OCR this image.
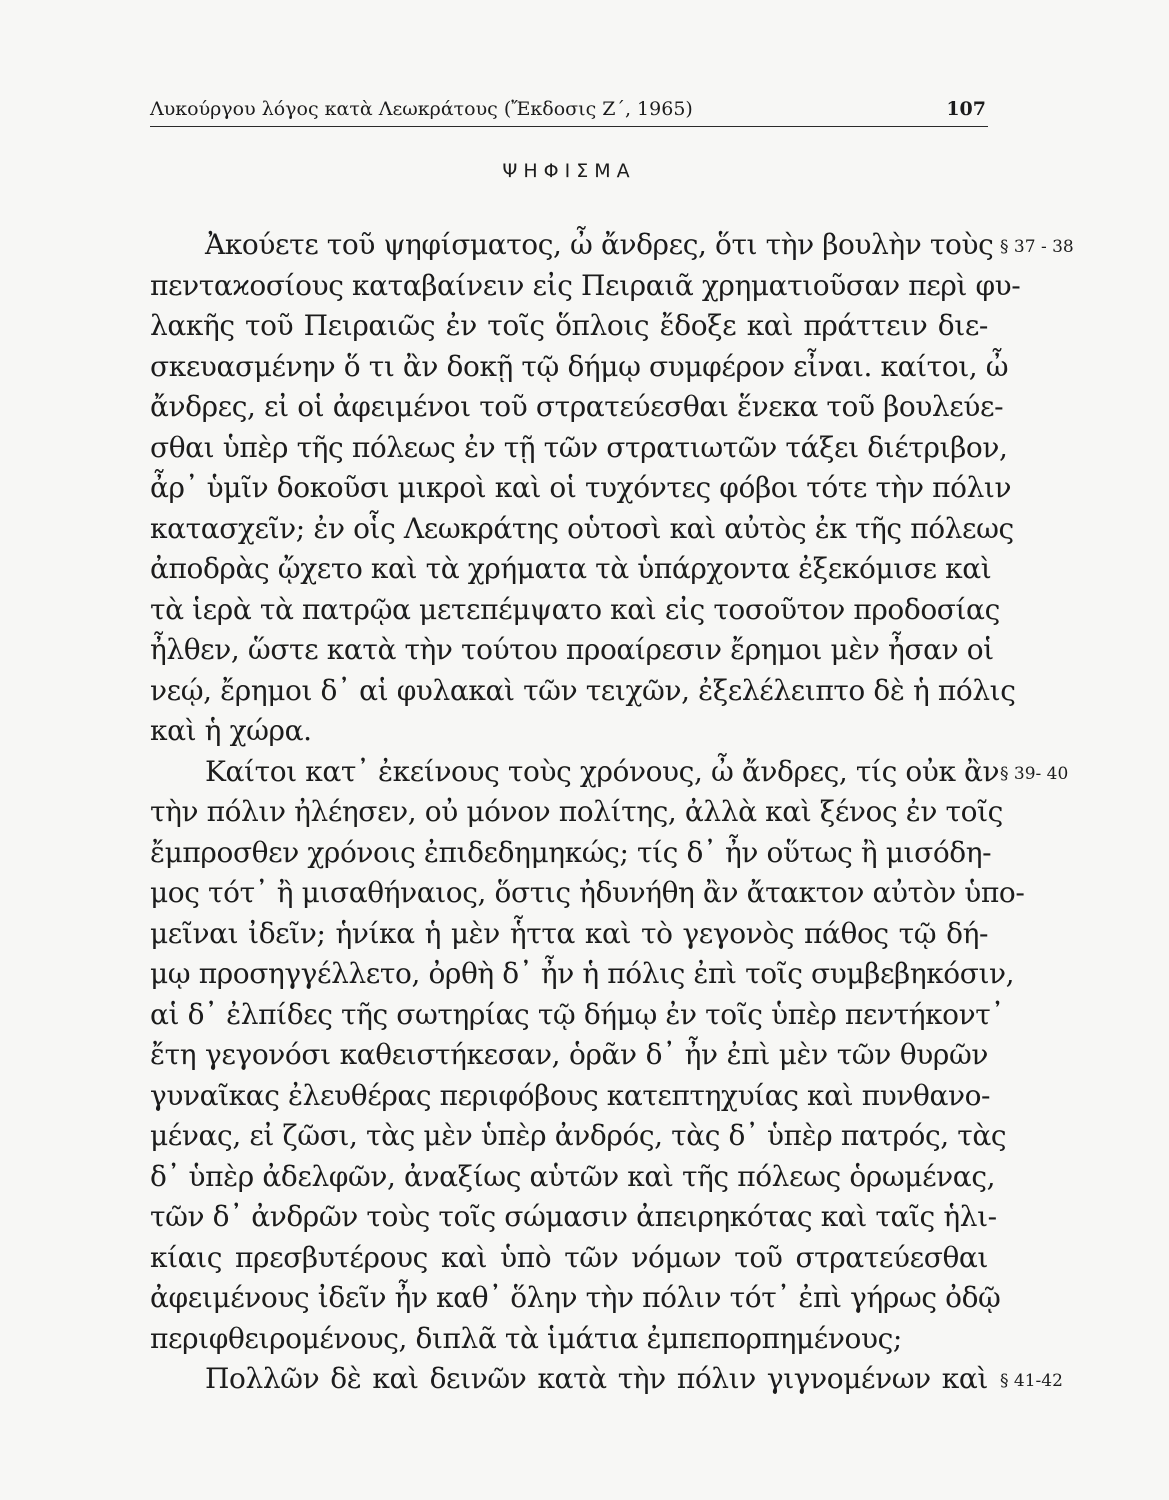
Λυκούργου λόγος κατὰ Λεωκράτους (Ἔκδοσις Ζ΄, 1965)	107
ΨΗΦΙΣΜΑ
Ἀκούετε τοῦ ψηφίσματος, ὦ ἄνδρες, ὅτι τὴν βουλὴν τοὺς § 37 - 38
πενταϰοσίους καταβαίνειν εἰς Πειραιᾶ χρηματιοῦσαν περὶ φυ-
λακῆς τοῦ Πειραιῶς ἐν τοῖς ὅπλοις ἔδοξε καὶ πράττειν διε-
σκευασμένην ὅ τι ἂν δοκῇ τῷ δήμῳ συμφέρον εἶναι. καίτοι, ὦ
ἄνδρες, εἰ οἱ ἀφειμένοι τοῦ στρατεύεσθαι ἕνεκα τοῦ βουλεύε-
σθαι ὑπὲρ τῆς πόλεως ἐν τῇ τῶν στρατιωτῶν τάξει διέτριβον,
ἆρ᾽ ὑμῖν δοκοῦσι μικροὶ καὶ οἱ τυχόντες φόβοι τότε τὴν πόλιν
κατασχεῖν; ἐν οἷς Λεωκράτης οὑτοσὶ καὶ αὐτὸς ἐκ τῆς πόλεως
ἀποδρὰς ᾤχετο καὶ τὰ χρήματα τὰ ὑπάρχοντα ἐξεκόμισε καὶ
τὰ ἱερὰ τὰ πατρῷα μετεπέμψατο καὶ εἰς τοσοῦτον προδοσίας
ἦλθεν, ὥστε κατὰ τὴν τούτου προαίρεσιν ἔρημοι μὲν ἦσαν οἱ
νεῴ, ἔρημοι δ᾽ αἱ φυλακαὶ τῶν τειχῶν, ἐξελέλειπτο δὲ ἡ πόλις
καὶ ἡ χώρα.
Καίτοι κατ᾽ ἐκείνους τοὺς χρόνους, ὦ ἄνδρες, τίς οὐκ ἂν § 39- 40
τὴν πόλιν ἠλέησεν, οὐ μόνον πολίτης, ἀλλὰ καὶ ξένος ἐν τοῖς
ἔμπροσθεν χρόνοις ἐπιδεδημηκώς; τίς δ᾽ ἦν οὕτως ἢ μισόδη-
μος τότ᾽ ἢ μισαθήναιος, ὅστις ἠδυνήθη ἂν ἄτακτον αὐτὸν ὑπο-
μεῖναι ἰδεῖν; ἡνίκα ἡ μὲν ἧττα καὶ τὸ γεγονὸς πάθος τῷ δή-
μῳ προσηγγέλλετο, ὀρθὴ δ᾽ ἦν ἡ πόλις ἐπὶ τοῖς συμβεβηκόσιν,
αἱ δ᾽ ἐλπίδες τῆς σωτηρίας τῷ δήμῳ ἐν τοῖς ὑπὲρ πεντήκοντ᾽
ἔτη γεγονόσι καθειστήκεσαν, ὁρᾶν δ᾽ ἦν ἐπὶ μὲν τῶν θυρῶν
γυναῖκας ἐλευθέρας περιφόβους κατεπτηχυίας καὶ πυνθανο-
μένας, εἰ ζῶσι, τὰς μὲν ὑπὲρ ἀνδρός, τὰς δ᾽ ὑπὲρ πατρός, τὰς
δ᾽ ὑπὲρ ἀδελφῶν, ἀναξίως αὑτῶν καὶ τῆς πόλεως ὁρωμένας,
τῶν δ᾽ ἀνδρῶν τοὺς τοῖς σώμασιν ἀπειρηκότας καὶ ταῖς ἡλι-
κίαις πρεσβυτέρους καὶ ὑπὸ τῶν νόμων τοῦ στρατεύεσθαι
ἀφειμένους ἰδεῖν ἦν καθ᾽ ὅλην τὴν πόλιν τότ᾽ ἐπὶ γήρως ὀδῷ
περιφθειρομένους, διπλᾶ τὰ ἱμάτια ἐμπεπορπημένους;
Πολλῶν δὲ καὶ δεινῶν κατὰ τὴν πόλιν γιγνομένων καὶ § 41-42
